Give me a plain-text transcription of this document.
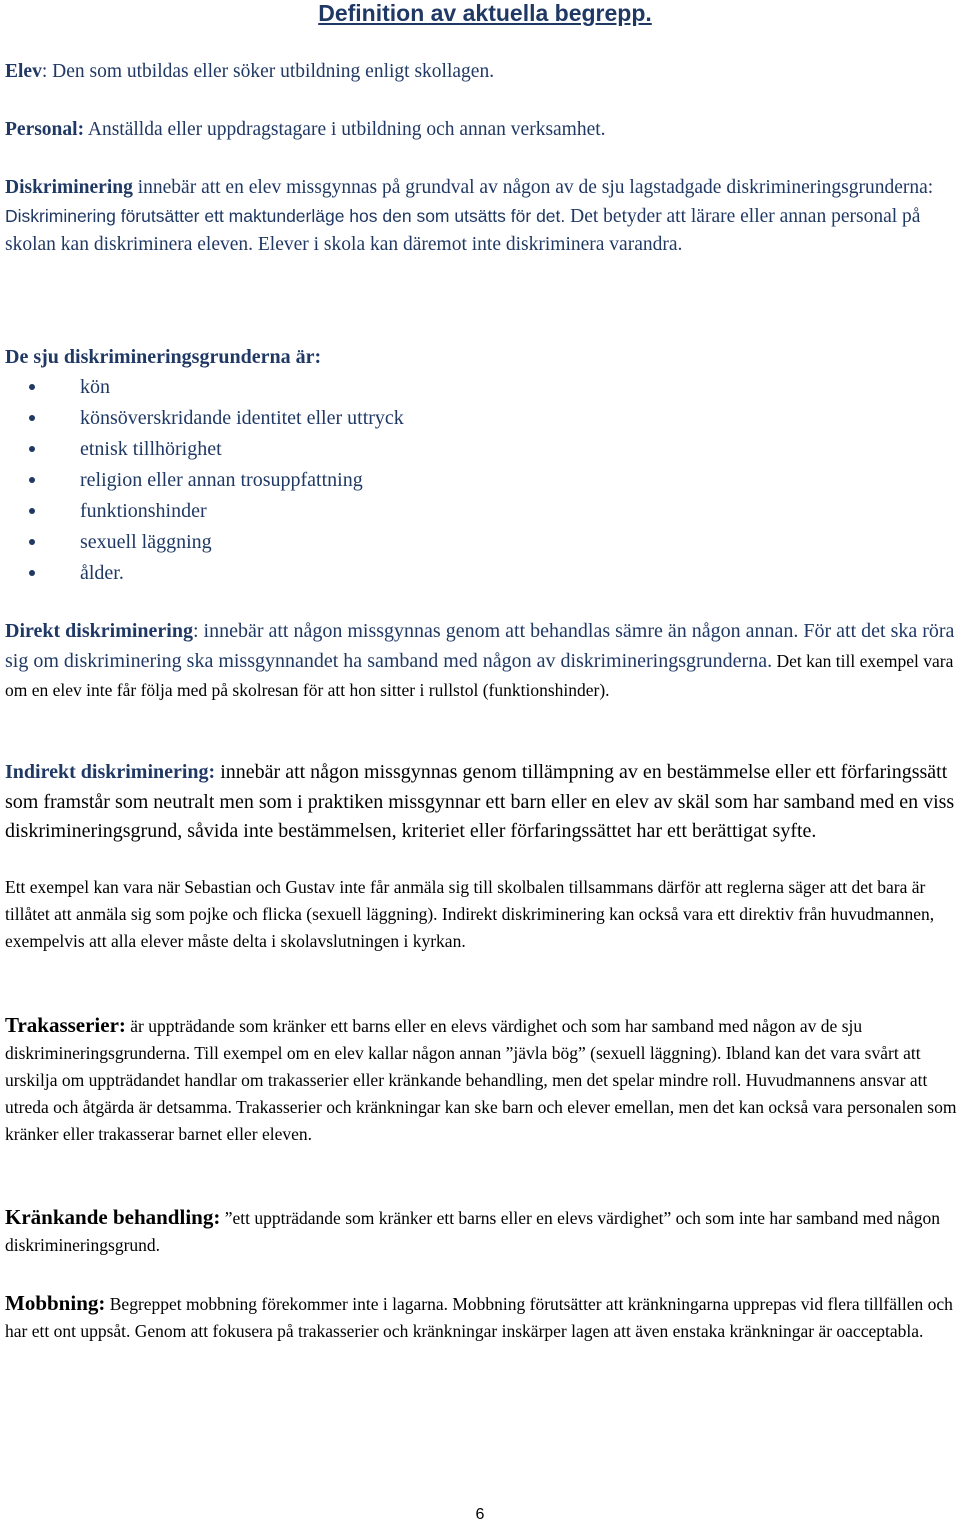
Definition av aktuella begrepp.

Elev: Den som utbildas eller söker utbildning enligt skollagen.

Personal: Anställda eller uppdragstagare i utbildning och annan verksamhet.

Diskriminering innebär att en elev missgynnas på grundval av någon av de sju lagstadgade diskrimineringsgrunderna:
Diskriminering förutsätter ett maktunderläge hos den som utsätts för det. Det betyder att lärare eller annan personal på skolan kan diskriminera eleven. Elever i skola kan däremot inte diskriminera varandra.

De sju diskrimineringsgrunderna är:

kön
könsöverskridande identitet eller uttryck
etnisk tillhörighet
religion eller annan trosuppfattning
funktionshinder
sexuell läggning
ålder.

Direkt diskriminering: innebär att någon missgynnas genom att behandlas sämre än någon annan. För att det ska röra sig om diskriminering ska missgynnandet ha samband med någon av diskrimineringsgrunderna. Det kan till exempel vara om en elev inte får följa med på skolresan för att hon sitter i rullstol (funktionshinder).

Indirekt diskriminering: innebär att någon missgynnas genom tillämpning av en bestämmelse eller ett förfaringssätt som framstår som neutralt men som i praktiken missgynnar ett barn eller en elev av skäl som har samband med en viss diskrimineringsgrund, såvida inte bestämmelsen, kriteriet eller förfaringssättet har ett berättigat syfte.

Ett exempel kan vara när Sebastian och Gustav inte får anmäla sig till skolbalen tillsammans därför att reglerna säger att det bara är tillåtet att anmäla sig som pojke och flicka (sexuell läggning). Indirekt diskriminering kan också vara ett direktiv från huvudmannen, exempelvis att alla elever måste delta i skolavslutningen i kyrkan.

Trakasserier: är uppträdande som kränker ett barns eller en elevs värdighet och som har samband med någon av de sju diskrimineringsgrunderna. Till exempel om en elev kallar någon annan ”jävla bög” (sexuell läggning). Ibland kan det vara svårt att urskilja om uppträdandet handlar om trakasserier eller kränkande behandling, men det spelar mindre roll. Huvudmannens ansvar att utreda och åtgärda är detsamma. Trakasserier och kränkningar kan ske barn och elever emellan, men det kan också vara personalen som kränker eller trakasserar barnet eller eleven.

Kränkande behandling: ”ett uppträdande som kränker ett barns eller en elevs värdighet” och som inte har samband med någon diskrimineringsgrund.

Mobbning: Begreppet mobbning förekommer inte i lagarna. Mobbning förutsätter att kränkningarna upprepas vid flera tillfällen och har ett ont uppsåt. Genom att fokusera på trakasserier och kränkningar inskärper lagen att även enstaka kränkningar är oacceptabla.

6
